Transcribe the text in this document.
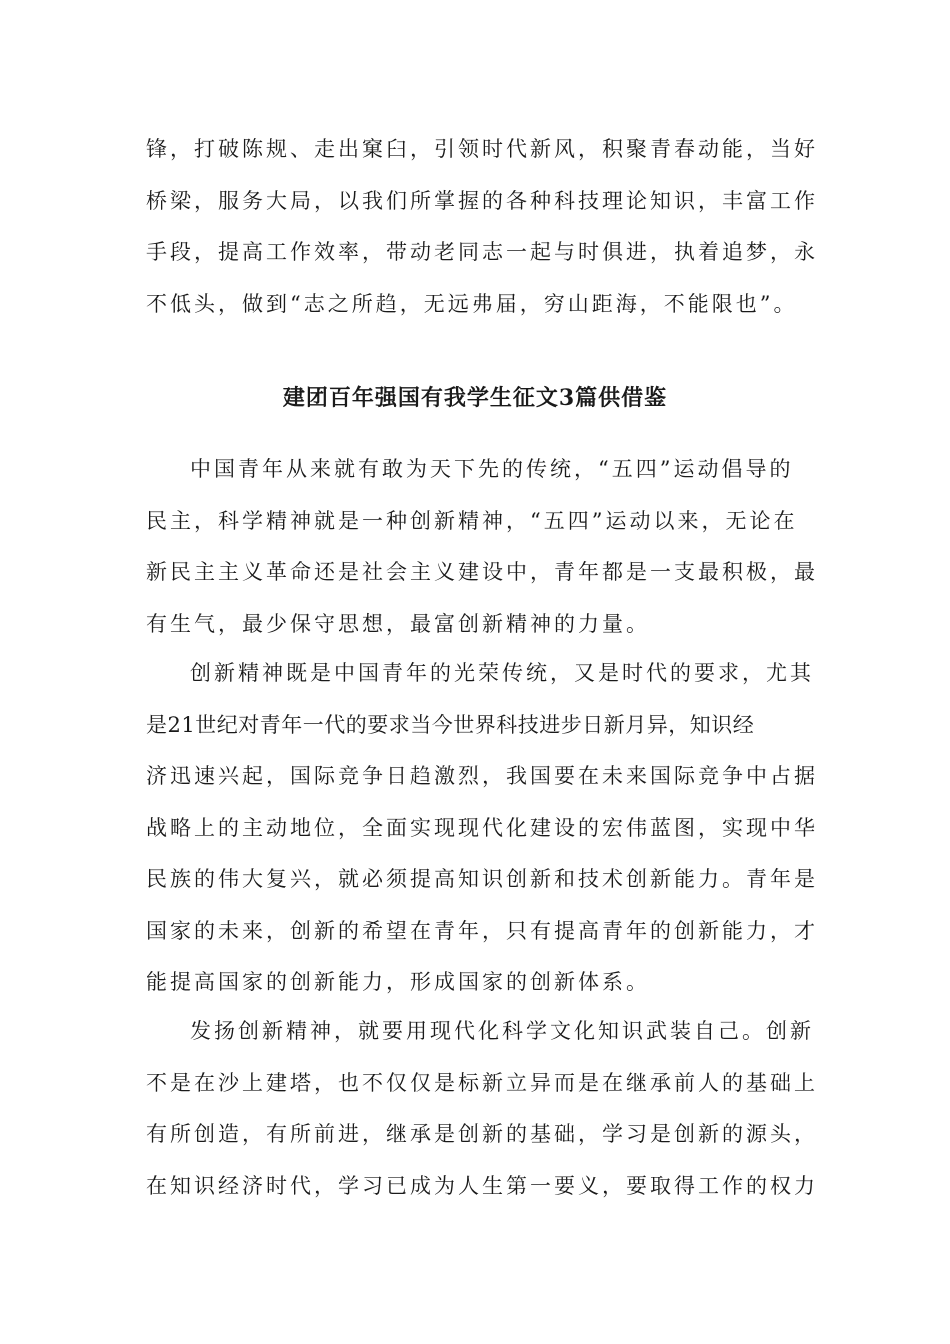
锋，打破陈规、走出窠臼，引领时代新风，积聚青春动能，当好
桥梁，服务大局，以我们所掌握的各种科技理论知识，丰富工作
手段，提高工作效率，带动老同志一起与时俱进，执着追梦，永
不低头，做到“志之所趋，无远弗届，穷山距海，不能限也”。
建团百年强国有我学生征文3篇供借鉴
中国青年从来就有敢为天下先的传统，“五四”运动倡导的
民主，科学精神就是一种创新精神，“五四”运动以来，无论在
新民主主义革命还是社会主义建设中，青年都是一支最积极，最
有生气，最少保守思想，最富创新精神的力量。
创新精神既是中国青年的光荣传统，又是时代的要求，尤其
是21世纪对青年一代的要求当今世界科技进步日新月异，知识经
济迅速兴起，国际竞争日趋激烈，我国要在未来国际竞争中占据
战略上的主动地位，全面实现现代化建设的宏伟蓝图，实现中华
民族的伟大复兴，就必须提高知识创新和技术创新能力。青年是
国家的未来，创新的希望在青年，只有提高青年的创新能力，才
能提高国家的创新能力，形成国家的创新体系。
发扬创新精神，就要用现代化科学文化知识武装自己。创新
不是在沙上建塔，也不仅仅是标新立异而是在继承前人的基础上
有所创造，有所前进，继承是创新的基础，学习是创新的源头，
在知识经济时代，学习已成为人生第一要义，要取得工作的权力
